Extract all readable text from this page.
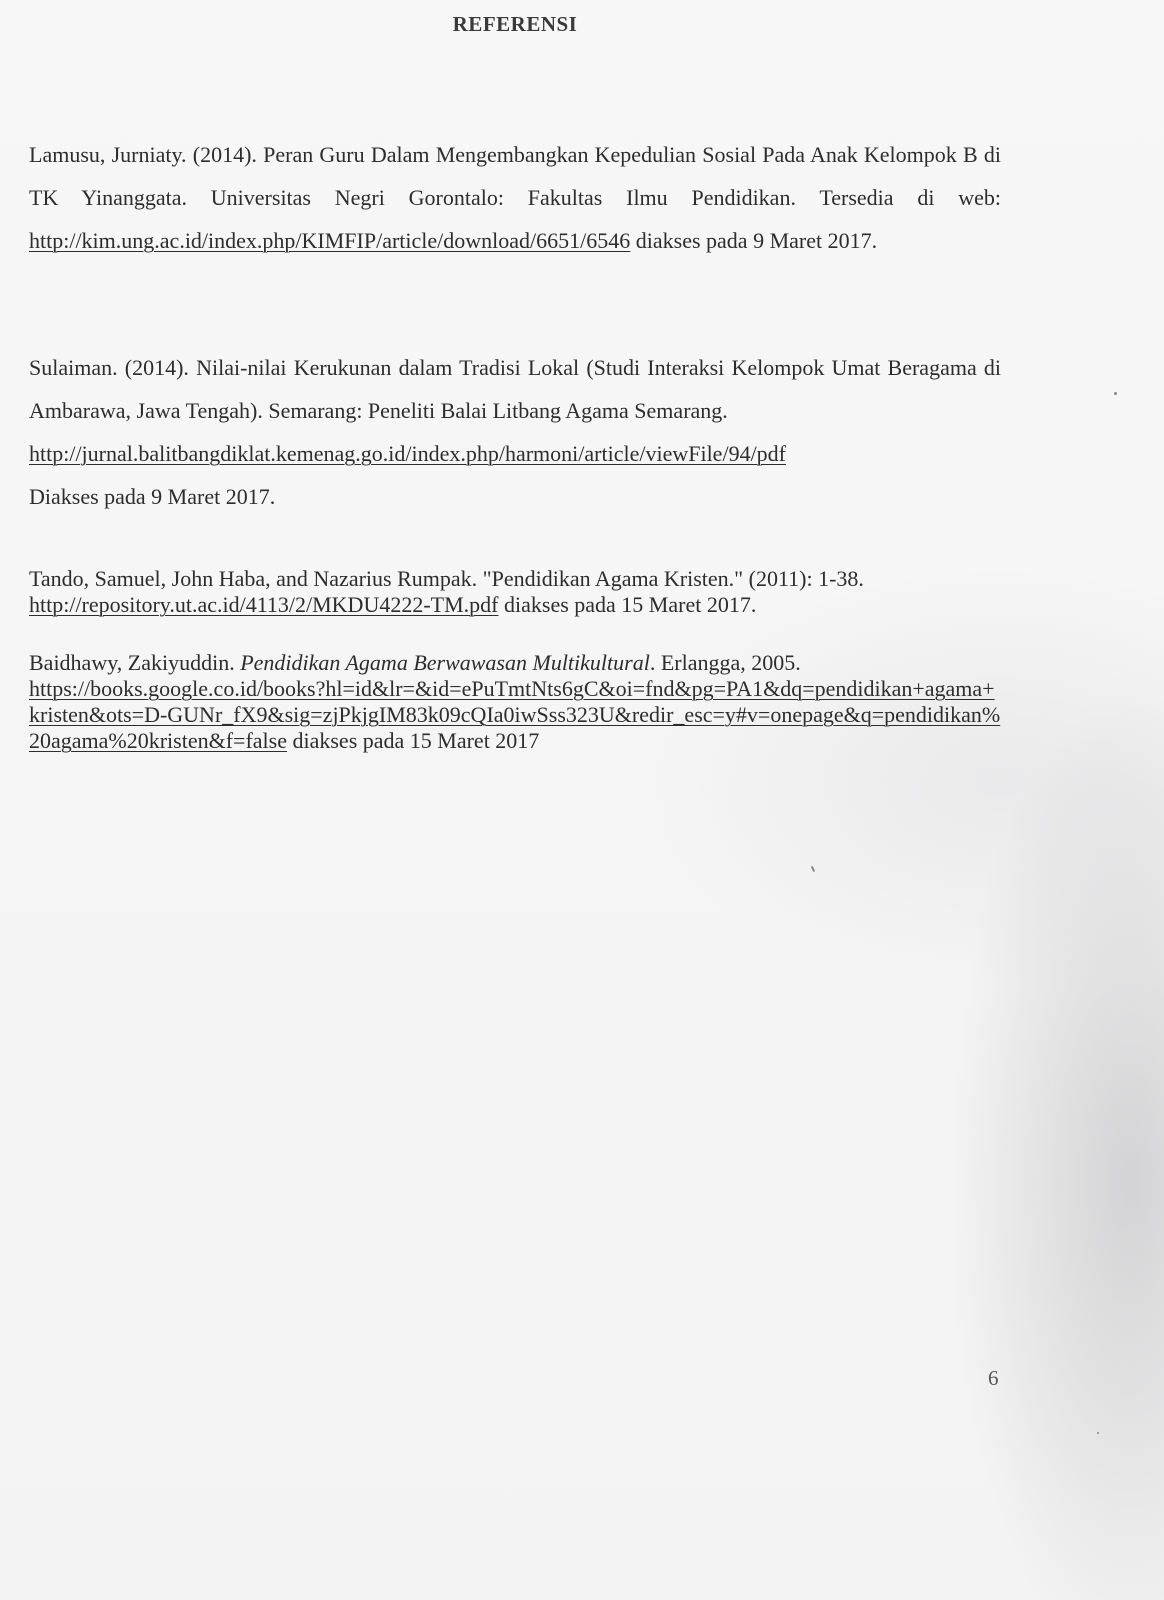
REFERENSI
Lamusu, Jurniaty. (2014). Peran Guru Dalam Mengembangkan Kepedulian Sosial Pada Anak Kelompok B di TK Yinanggata. Universitas Negri Gorontalo: Fakultas Ilmu Pendidikan. Tersedia di web: http://kim.ung.ac.id/index.php/KIMFIP/article/download/6651/6546 diakses pada 9 Maret 2017.
Sulaiman. (2014). Nilai-nilai Kerukunan dalam Tradisi Lokal (Studi Interaksi Kelompok Umat Beragama di Ambarawa, Jawa Tengah). Semarang: Peneliti Balai Litbang Agama Semarang.
http://jurnal.balitbangdiklat.kemenag.go.id/index.php/harmoni/article/viewFile/94/pdf
Diakses pada 9 Maret 2017.
Tando, Samuel, John Haba, and Nazarius Rumpak. "Pendidikan Agama Kristen." (2011): 1-38.
http://repository.ut.ac.id/4113/2/MKDU4222-TM.pdf diakses pada 15 Maret 2017.
Baidhawy, Zakiyuddin. Pendidikan Agama Berwawasan Multikultural. Erlangga, 2005.
https://books.google.co.id/books?hl=id&lr=&id=ePuTmtNts6gC&oi=fnd&pg=PA1&dq=pendidikan+agama+kristen&ots=D-GUNr_fX9&sig=zjPkjgIM83k09cQIa0iwSss323U&redir_esc=y#v=onepage&q=pendidikan%20agama%20kristen&f=false diakses pada 15 Maret 2017
6
